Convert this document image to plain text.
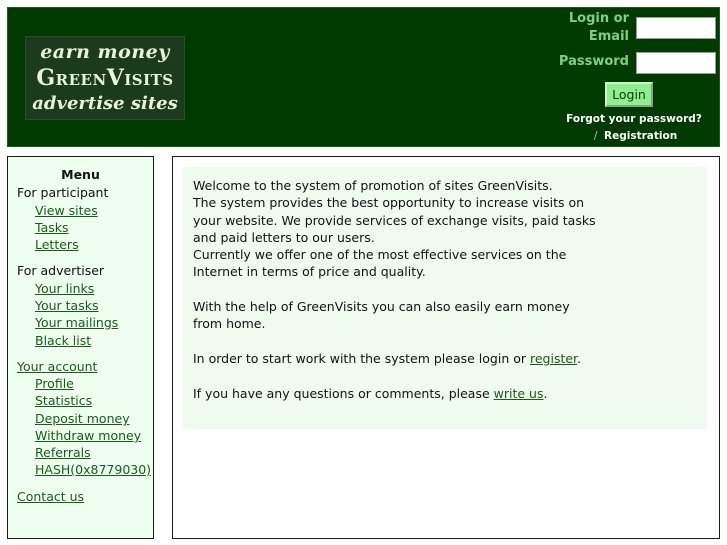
earn money
GreenVisits
advertise sites
Login or Email
Password
Login
Forgot your password? / Registration
Menu
For participant
View sites
Tasks
Letters
For advertiser
Your links
Your tasks
Your mailings
Black list
Your account
Profile
Statistics
Deposit money
Withdraw money
Referrals
HASH(0x8779030)
Contact us

Welcome to the system of promotion of sites GreenVisits.

The system provides the best opportunity to increase visits on your website. We provide services of exchange visits, paid tasks and paid letters to our users.

Currently we offer one of the most effective services on the Internet in terms of price and quality.

With the help of GreenVisits you can also easily earn money from home.

In order to start work with the system please login or register.

If you have any questions or comments, please write us.
